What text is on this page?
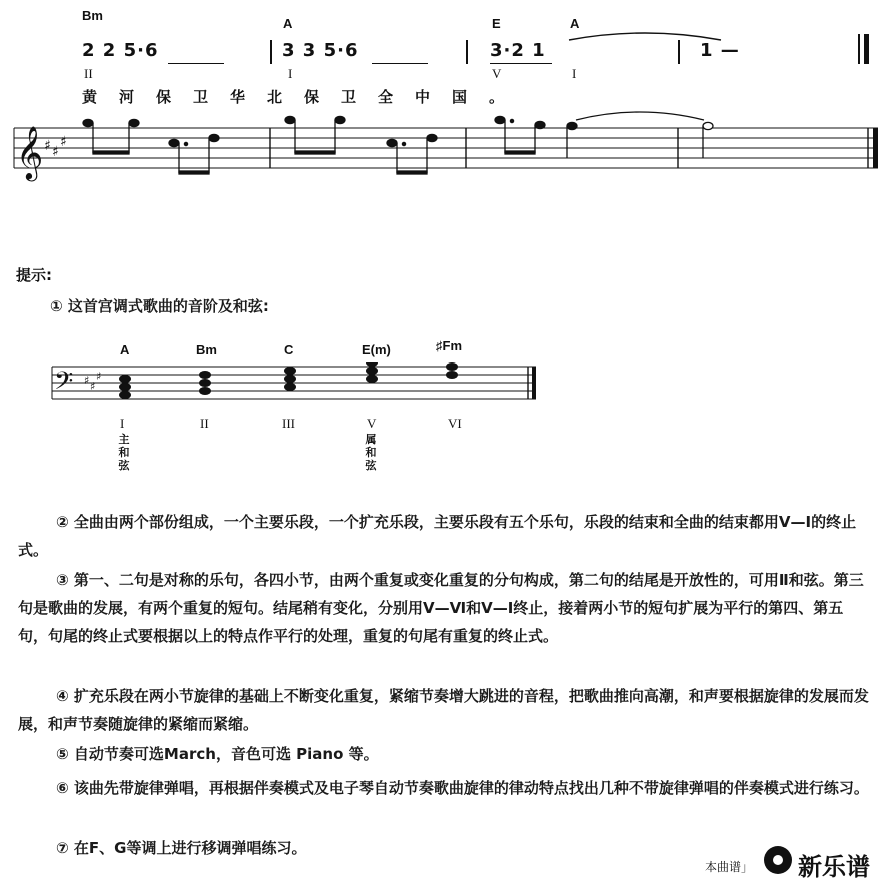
Bm
A	E	A
2 2 5·6	3 3 5·6	3·2 1	1 —
II	I	V	I
黄河保卫华北保卫全中国。
𝄞 ♯ ♯
♯
提示:
① 这首宫调式歌曲的音阶及和弦:
A	Bm	C	E(m)	♯Fm
𝄢 ♯ ♯
♯
I	II	III	V	VI
主和弦
属和弦
② 全曲由两个部份组成，一个主要乐段，一个扩充乐段，主要乐段有五个乐句，乐段的结束和全曲的结束都用Ⅴ—Ⅰ的终止式。
③ 第一、二句是对称的乐句，各四小节，由两个重复或变化重复的分句构成，第二句的结尾是开放性的，可用Ⅱ和弦。第三句是歌曲的发展，有两个重复的短句。结尾稍有变化，分别用Ⅴ—Ⅵ和Ⅴ—Ⅰ终止，接着两小节的短句扩展为平行的第四、第五句，句尾的终止式要根据以上的特点作平行的处理，重复的句尾有重复的终止式。
④ 扩充乐段在两小节旋律的基础上不断变化重复，紧缩节奏增大跳进的音程，把歌曲推向高潮，和声要根据旋律的发展而发展，和声节奏随旋律的紧缩而紧缩。
⑤ 自动节奏可选March，音色可选 Piano 等。
⑥ 该曲先带旋律弹唱，再根据伴奏模式及电子琴自动节奏歌曲旋律的律动特点找出几种不带旋律弹唱的伴奏模式进行练习。
⑦ 在F、G等调上进行移调弹唱练习。
本曲谱」 新乐谱
